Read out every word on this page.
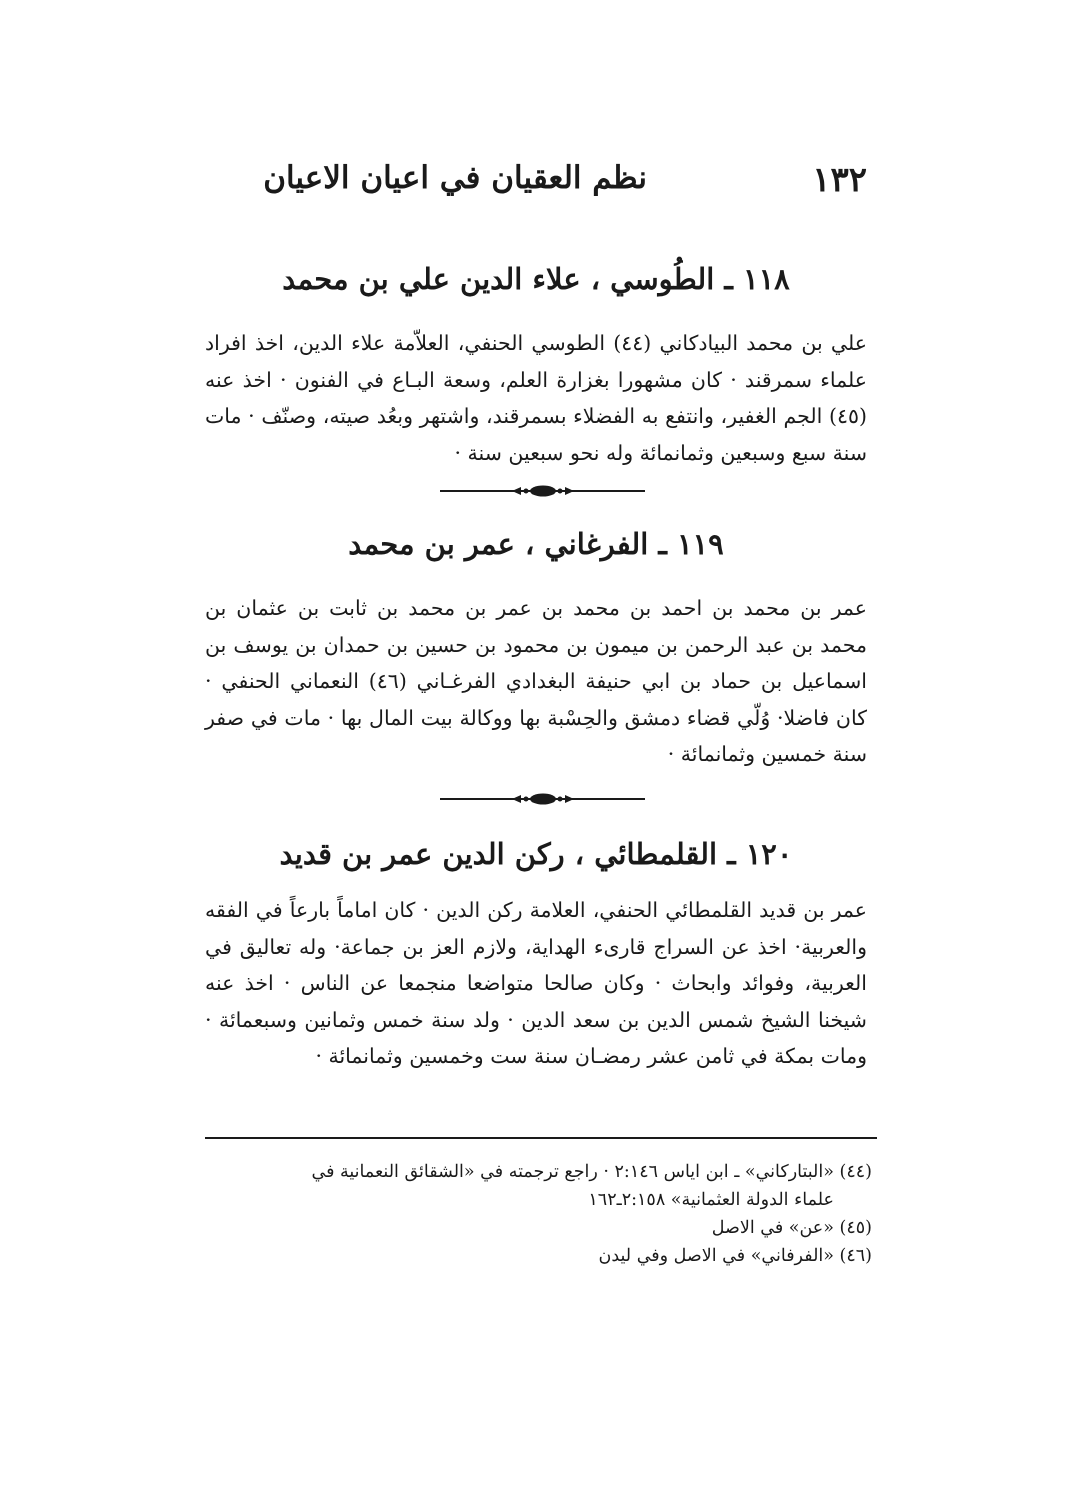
١٣٢
نظم العقيان في اعيان الاعيان
١١٨ ـ الطُوسي ، علاء الدين علي بن محمد
علي بن محمد البيادكاني (٤٤) الطوسي الحنفي، العلاّمة علاء الدين، اخذ افراد علماء سمرقند · كان مشهورا بغزارة العلم، وسعة البـاع في الفنون · اخذ عنه (٤٥) الجم الغفير، وانتفع به الفضلاء بسمرقند، واشتهر وبعُد صيته، وصنّف · مات سنة سبع وسبعين وثمانمائة وله نحو سبعين سنة ·
١١٩ ـ الفرغاني ، عمر بن محمد
عمر بن محمد بن احمد بن محمد بن عمر بن محمد بن ثابت بن عثمان بن محمد بن عبد الرحمن بن ميمون بن محمود بن حسين بن حمدان بن يوسف بن اسماعيل بن حماد بن ابي حنيفة البغدادي الفرغـاني (٤٦) النعماني الحنفي · كان فاضلا· وُلّي قضاء دمشق والحِسْبة بها ووكالة بيت المال بها · مات في صفر سنة خمسين وثمانمائة ·
١٢٠ ـ القلمطائي ، ركن الدين عمر بن قديد
عمر بن قديد القلمطائي الحنفي، العلامة ركن الدين · كان اماماً بارعاً في الفقه والعربية· اخذ عن السراج قارىء الهداية، ولازم العز بن جماعة· وله تعاليق في العربية، وفوائد وابحاث · وكان صالحا متواضعا منجمعا عن الناس · اخذ عنه شيخنا الشيخ شمس الدين بن سعد الدين · ولد سنة خمس وثمانين وسبعمائة · ومات بمكة في ثامن عشر رمضـان سنة ست وخمسين وثمانمائة ·

(٤٤) «البتاركاني» ـ ابن اياس ٢:١٤٦ · راجع ترجمته في «الشقائق النعمانية في

علماء الدولة العثمانية» ٢:١٥٨ـ١٦٢

(٤٥) «عن» في الاصل

(٤٦) «الفرفاني» في الاصل وفي ليدن
